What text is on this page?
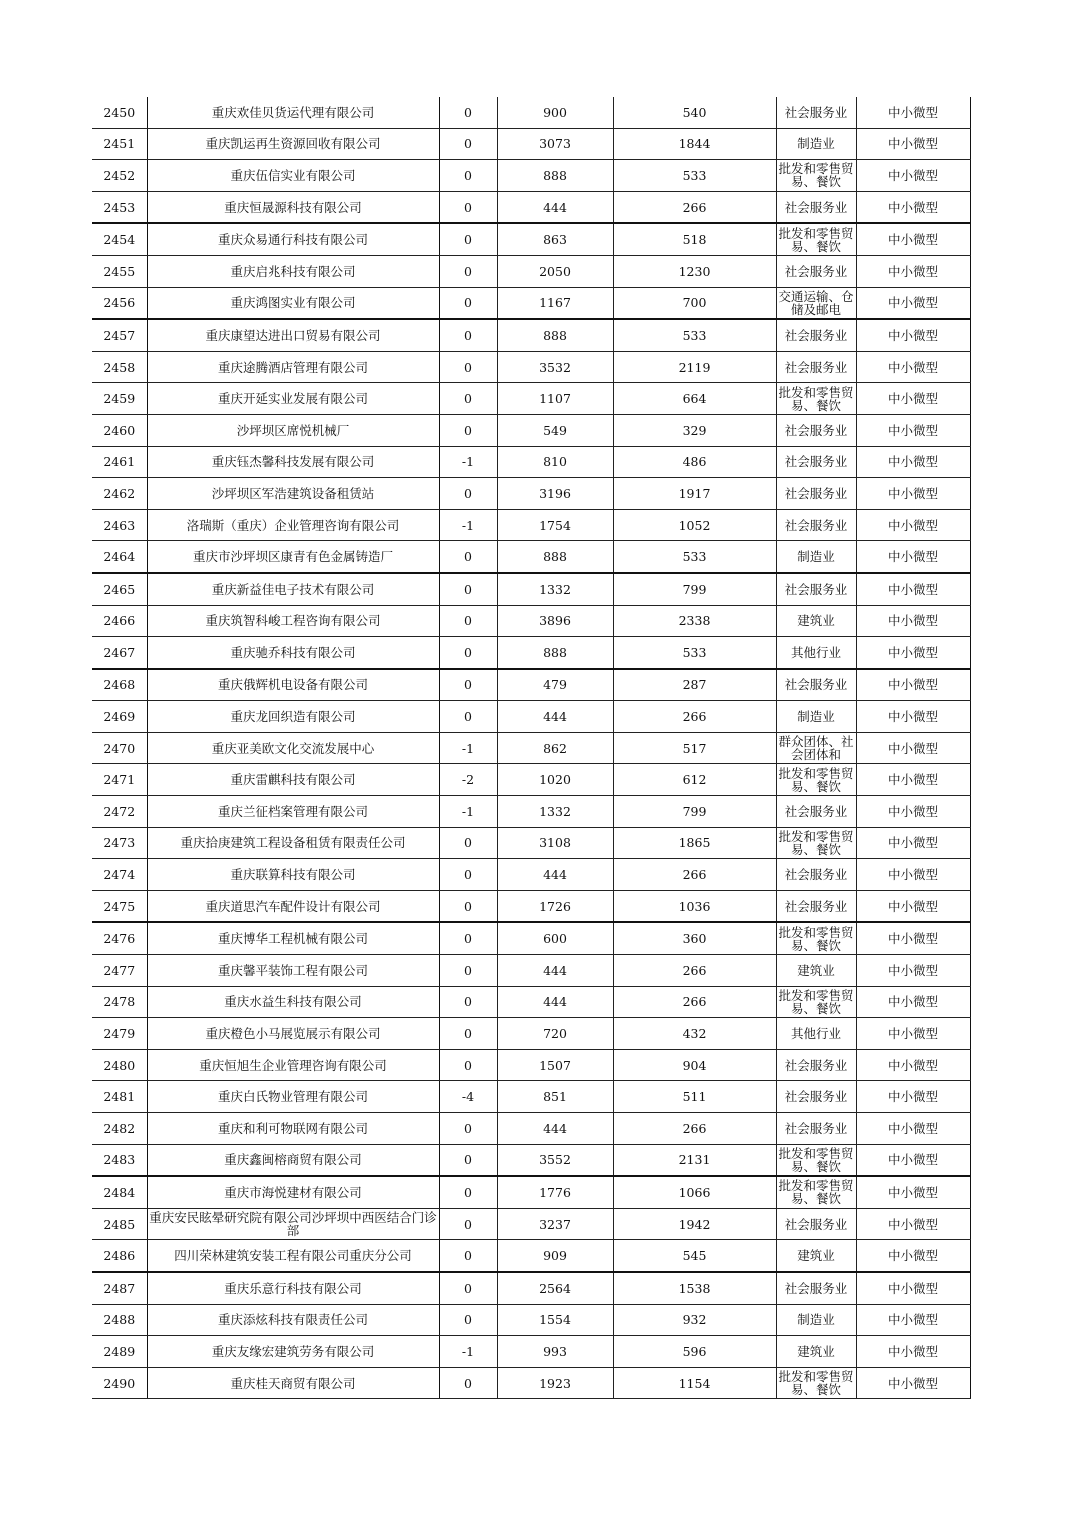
2450	重庆欢佳贝货运代理有限公司	0	900	540	社会服务业	中小微型
2451	重庆凯运再生资源回收有限公司	0	3073	1844	制造业	中小微型
2452	重庆伍信实业有限公司	0	888	533	批发和零售贸易、餐饮	中小微型
2453	重庆恒晟源科技有限公司	0	444	266	社会服务业	中小微型
2454	重庆众易通行科技有限公司	0	863	518	批发和零售贸易、餐饮	中小微型
2455	重庆启兆科技有限公司	0	2050	1230	社会服务业	中小微型
2456	重庆鸿图实业有限公司	0	1167	700	交通运输、仓储及邮电	中小微型
2457	重庆康望达进出口贸易有限公司	0	888	533	社会服务业	中小微型
2458	重庆途腾酒店管理有限公司	0	3532	2119	社会服务业	中小微型
2459	重庆开延实业发展有限公司	0	1107	664	批发和零售贸易、餐饮	中小微型
2460	沙坪坝区席悦机械厂	0	549	329	社会服务业	中小微型
2461	重庆钰杰馨科技发展有限公司	-1	810	486	社会服务业	中小微型
2462	沙坪坝区军浩建筑设备租赁站	0	3196	1917	社会服务业	中小微型
2463	洛瑞斯（重庆）企业管理咨询有限公司	-1	1754	1052	社会服务业	中小微型
2464	重庆市沙坪坝区康青有色金属铸造厂	0	888	533	制造业	中小微型
2465	重庆新益佳电子技术有限公司	0	1332	799	社会服务业	中小微型
2466	重庆筑智科峻工程咨询有限公司	0	3896	2338	建筑业	中小微型
2467	重庆驰乔科技有限公司	0	888	533	其他行业	中小微型
2468	重庆俄辉机电设备有限公司	0	479	287	社会服务业	中小微型
2469	重庆龙回织造有限公司	0	444	266	制造业	中小微型
2470	重庆亚美欧文化交流发展中心	-1	862	517	群众团体、社会团体和	中小微型
2471	重庆雷麒科技有限公司	-2	1020	612	批发和零售贸易、餐饮	中小微型
2472	重庆兰征档案管理有限公司	-1	1332	799	社会服务业	中小微型
2473	重庆拾庚建筑工程设备租赁有限责任公司	0	3108	1865	批发和零售贸易、餐饮	中小微型
2474	重庆联算科技有限公司	0	444	266	社会服务业	中小微型
2475	重庆道思汽车配件设计有限公司	0	1726	1036	社会服务业	中小微型
2476	重庆博华工程机械有限公司	0	600	360	批发和零售贸易、餐饮	中小微型
2477	重庆馨平装饰工程有限公司	0	444	266	建筑业	中小微型
2478	重庆水益生科技有限公司	0	444	266	批发和零售贸易、餐饮	中小微型
2479	重庆橙色小马展览展示有限公司	0	720	432	其他行业	中小微型
2480	重庆恒旭生企业管理咨询有限公司	0	1507	904	社会服务业	中小微型
2481	重庆白氏物业管理有限公司	-4	851	511	社会服务业	中小微型
2482	重庆和利可物联网有限公司	0	444	266	社会服务业	中小微型
2483	重庆鑫闽榕商贸有限公司	0	3552	2131	批发和零售贸易、餐饮	中小微型
2484	重庆市海悦建材有限公司	0	1776	1066	批发和零售贸易、餐饮	中小微型
2485	重庆安民眩晕研究院有限公司沙坪坝中西医结合门诊部	0	3237	1942	社会服务业	中小微型
2486	四川荣林建筑安装工程有限公司重庆分公司	0	909	545	建筑业	中小微型
2487	重庆乐意行科技有限公司	0	2564	1538	社会服务业	中小微型
2488	重庆添炫科技有限责任公司	0	1554	932	制造业	中小微型
2489	重庆友缘宏建筑劳务有限公司	-1	993	596	建筑业	中小微型
2490	重庆桂天商贸有限公司	0	1923	1154	批发和零售贸易、餐饮	中小微型
